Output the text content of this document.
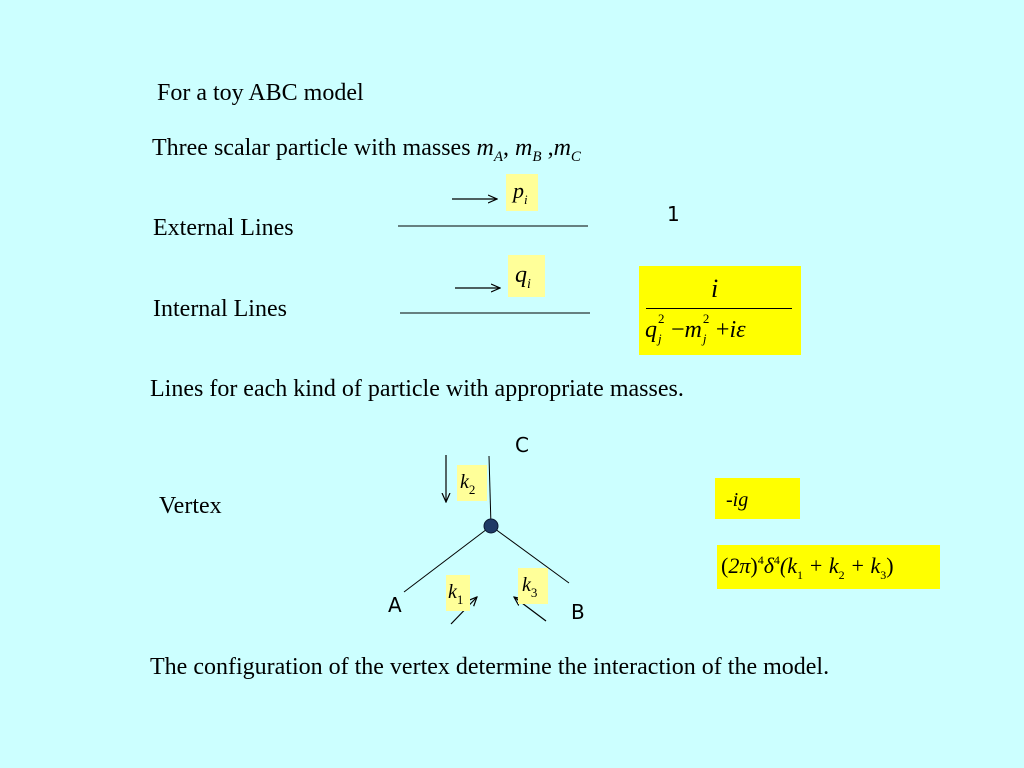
For a toy ABC model
Three scalar particle with masses $m_A$, $m_B$ $,m_C$
External Lines
$p_i$
1
Internal Lines
$q_i$	i
q 2
j −m 2
j +iε
Lines for each kind of particle with appropriate masses.
Vertex
C
A	B
$k_2$
$k_1$
$k_3$
-ig
$(2\pi)^4\delta^4(k_1 + k_2 + k_3)$
The configuration of the vertex determine the interaction of the model.
